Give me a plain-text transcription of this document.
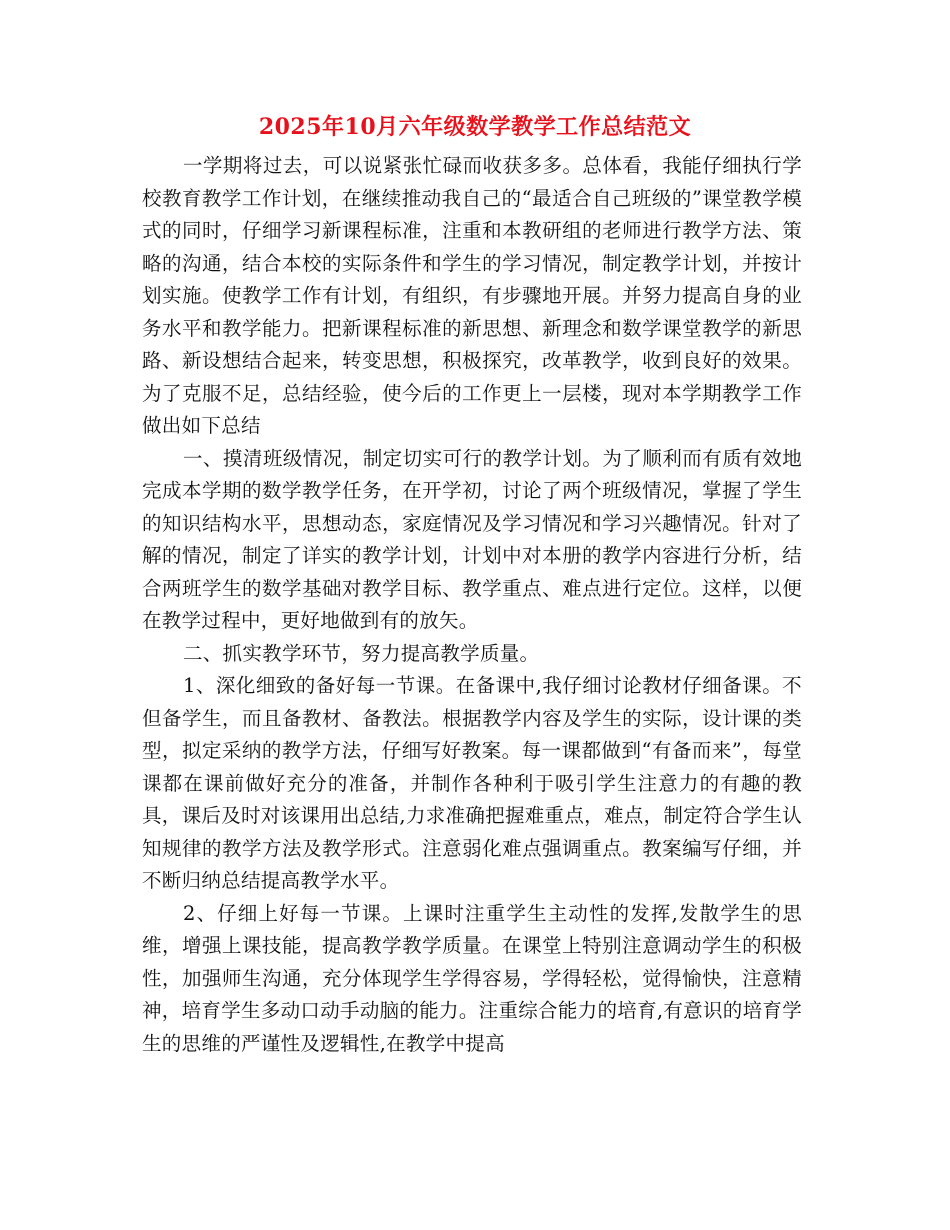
2025年10月六年级数学教学工作总结范文

一学期将过去，可以说紧张忙碌而收获多多。总体看，我能仔细执行学校教育教学工作计划，在继续推动我自己的“最适合自己班级的”课堂教学模式的同时，仔细学习新课程标准，注重和本教研组的老师进行教学方法、策略的沟通，结合本校的实际条件和学生的学习情况，制定教学计划，并按计划实施。使教学工作有计划，有组织，有步骤地开展。并努力提高自身的业务水平和教学能力。把新课程标准的新思想、新理念和数学课堂教学的新思路、新设想结合起来，转变思想，积极探究，改革教学，收到良好的效果。为了克服不足，总结经验，使今后的工作更上一层楼，现对本学期教学工作做出如下总结

一、摸清班级情况，制定切实可行的教学计划。为了顺利而有质有效地完成本学期的数学教学任务，在开学初，讨论了两个班级情况，掌握了学生的知识结构水平，思想动态，家庭情况及学习情况和学习兴趣情况。针对了解的情况，制定了详实的教学计划，计划中对本册的教学内容进行分析，结合两班学生的数学基础对教学目标、教学重点、难点进行定位。这样，以便在教学过程中，更好地做到有的放矢。

二、抓实教学环节，努力提高教学质量。

1、深化细致的备好每一节课。在备课中,我仔细讨论教材仔细备课。不但备学生，而且备教材、备教法。根据教学内容及学生的实际，设计课的类型，拟定采纳的教学方法，仔细写好教案。每一课都做到“有备而来”，每堂课都在课前做好充分的准备，并制作各种利于吸引学生注意力的有趣的教具，课后及时对该课用出总结,力求准确把握难重点，难点，制定符合学生认知规律的教学方法及教学形式。注意弱化难点强调重点。教案编写仔细，并不断归纳总结提高教学水平。

2、仔细上好每一节课。上课时注重学生主动性的发挥,发散学生的思维，增强上课技能，提高教学教学质量。在课堂上特别注意调动学生的积极性，加强师生沟通，充分体现学生学得容易，学得轻松，觉得愉快，注意精神，培育学生多动口动手动脑的能力。注重综合能力的培育,有意识的培育学生的思维的严谨性及逻辑性,在教学中提高
